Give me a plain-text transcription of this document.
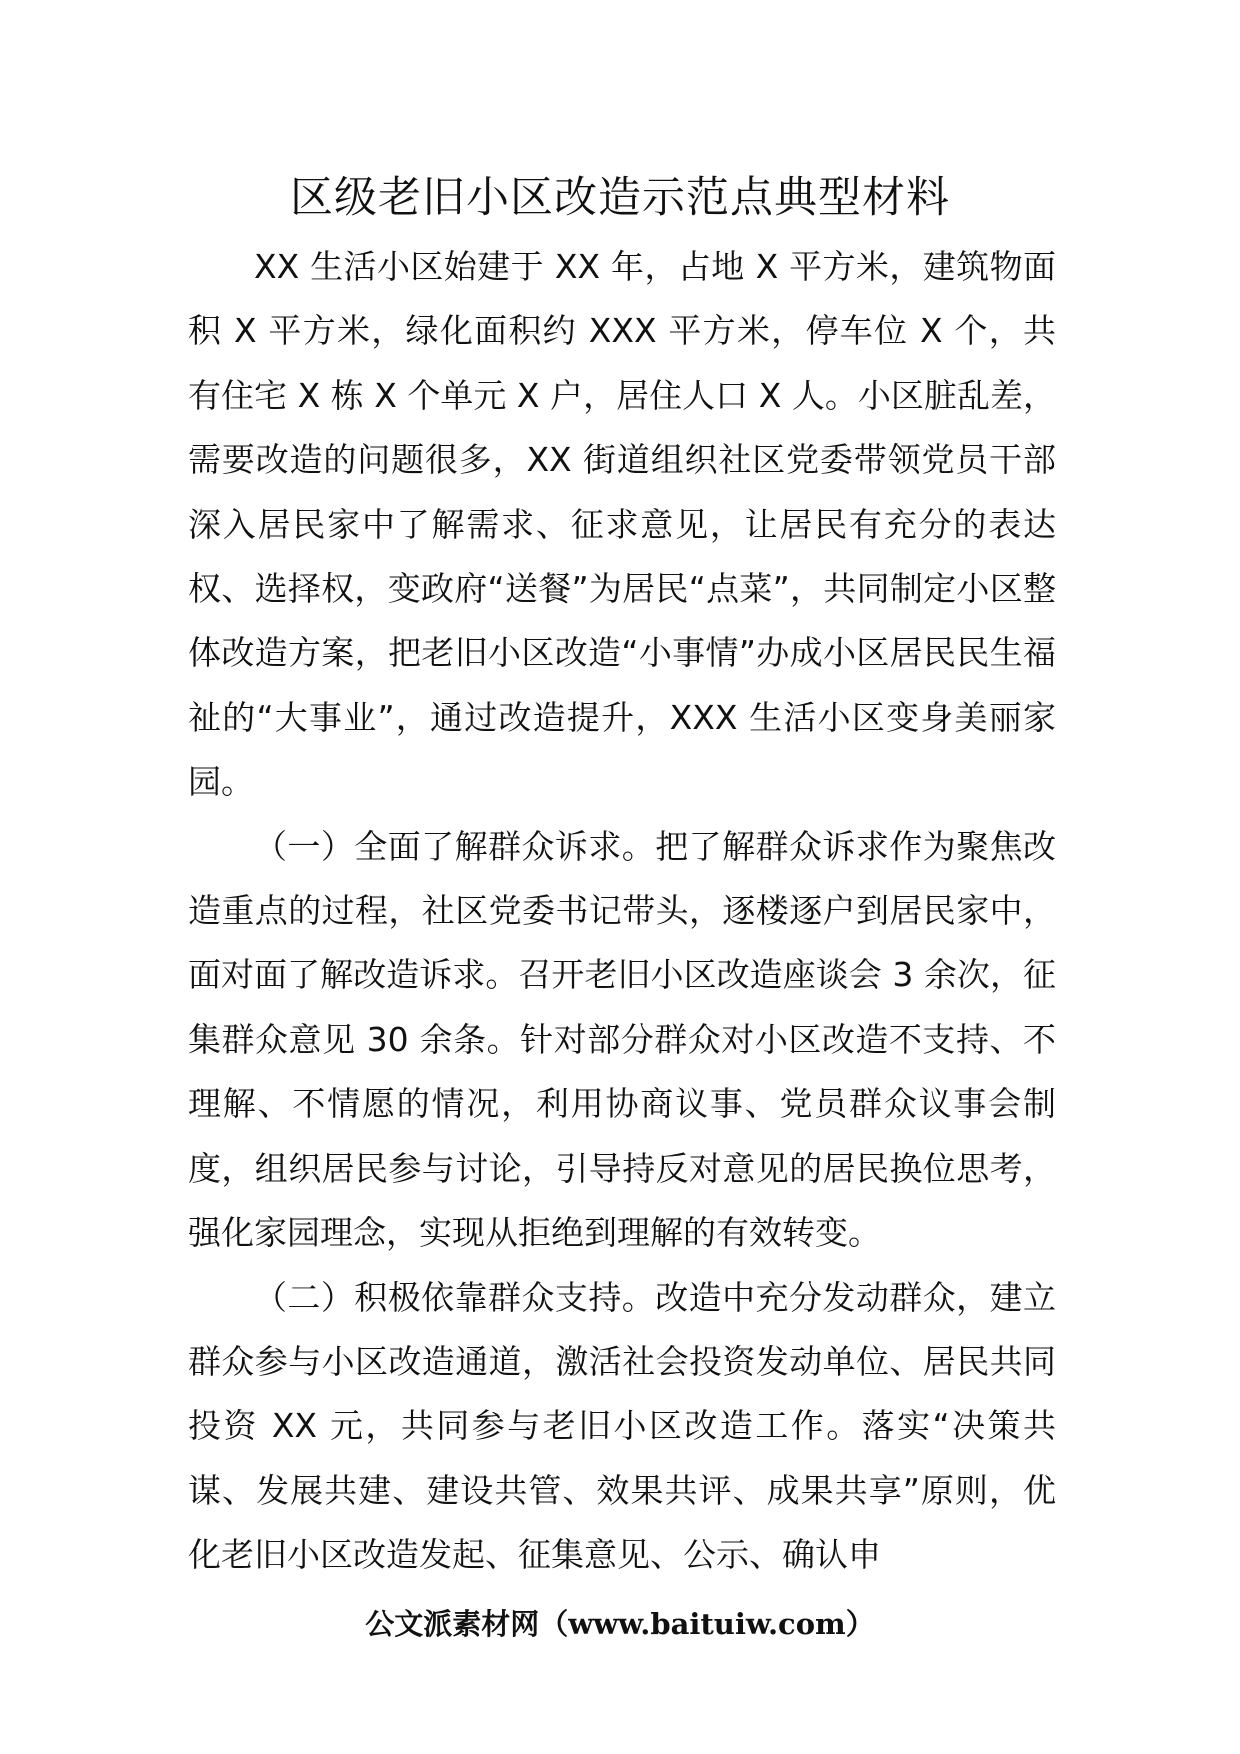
区级老旧小区改造示范点典型材料

XX 生活小区始建于 XX 年，占地 X 平方米，建筑物面积 X 平方米，绿化面积约 XXX 平方米，停车位 X 个，共有住宅 X 栋 X 个单元 X 户，居住人口 X 人。小区脏乱差，需要改造的问题很多，XX 街道组织社区党委带领党员干部深入居民家中了解需求、征求意见，让居民有充分的表达权、选择权，变政府“送餐”为居民“点菜”，共同制定小区整体改造方案，把老旧小区改造“小事情”办成小区居民民生福祉的“大事业”，通过改造提升，XXX 生活小区变身美丽家园。

（一）全面了解群众诉求。把了解群众诉求作为聚焦改造重点的过程，社区党委书记带头，逐楼逐户到居民家中，面对面了解改造诉求。召开老旧小区改造座谈会 3 余次，征集群众意见 30 余条。针对部分群众对小区改造不支持、不理解、不情愿的情况，利用协商议事、党员群众议事会制度，组织居民参与讨论，引导持反对意见的居民换位思考，强化家园理念，实现从拒绝到理解的有效转变。

（二）积极依靠群众支持。改造中充分发动群众，建立群众参与小区改造通道，激活社会投资发动单位、居民共同投资 XX 元，共同参与老旧小区改造工作。落实“决策共谋、发展共建、建设共管、效果共评、成果共享”原则，优化老旧小区改造发起、征集意见、公示、确认申

公文派素材网（www.baituiw.com）
